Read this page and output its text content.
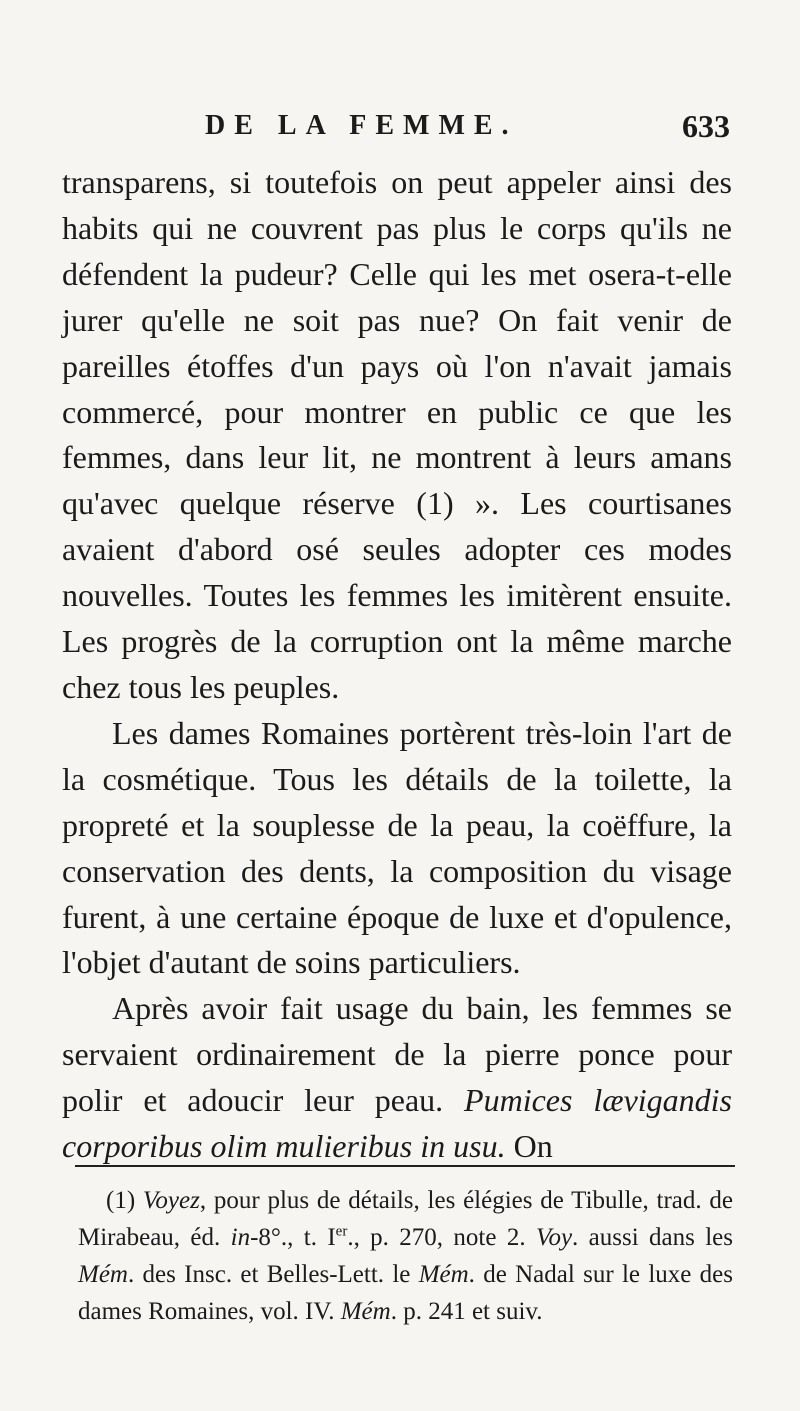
DE LA FEMME.	633

transparens, si toutefois on peut appeler ainsi des habits qui ne couvrent pas plus le corps qu'ils ne défendent la pudeur? Celle qui les met osera-t-elle jurer qu'elle ne soit pas nue? On fait venir de pareilles étoffes d'un pays où l'on n'avait jamais commercé, pour montrer en public ce que les femmes, dans leur lit, ne montrent à leurs amans qu'avec quelque réserve (1) ». Les courtisanes avaient d'abord osé seules adopter ces modes nouvelles. Toutes les femmes les imitèrent ensuite. Les progrès de la corruption ont la même marche chez tous les peuples.

Les dames Romaines portèrent très-loin l'art de la cosmétique. Tous les détails de la toilette, la propreté et la souplesse de la peau, la coëffure, la conservation des dents, la composition du visage furent, à une certaine époque de luxe et d'opulence, l'objet d'autant de soins particuliers.

Après avoir fait usage du bain, les femmes se servaient ordinairement de la pierre ponce pour polir et adoucir leur peau. Pumices lævigandis corporibus olim mulieribus in usu. On

(1) Voyez, pour plus de détails, les élégies de Tibulle, trad. de Mirabeau, éd. in-8°., t. Ier., p. 270, note 2. Voy. aussi dans les Mém. des Insc. et Belles-Lett. le Mém. de Nadal sur le luxe des dames Romaines, vol. IV. Mém. p. 241 et suiv.
